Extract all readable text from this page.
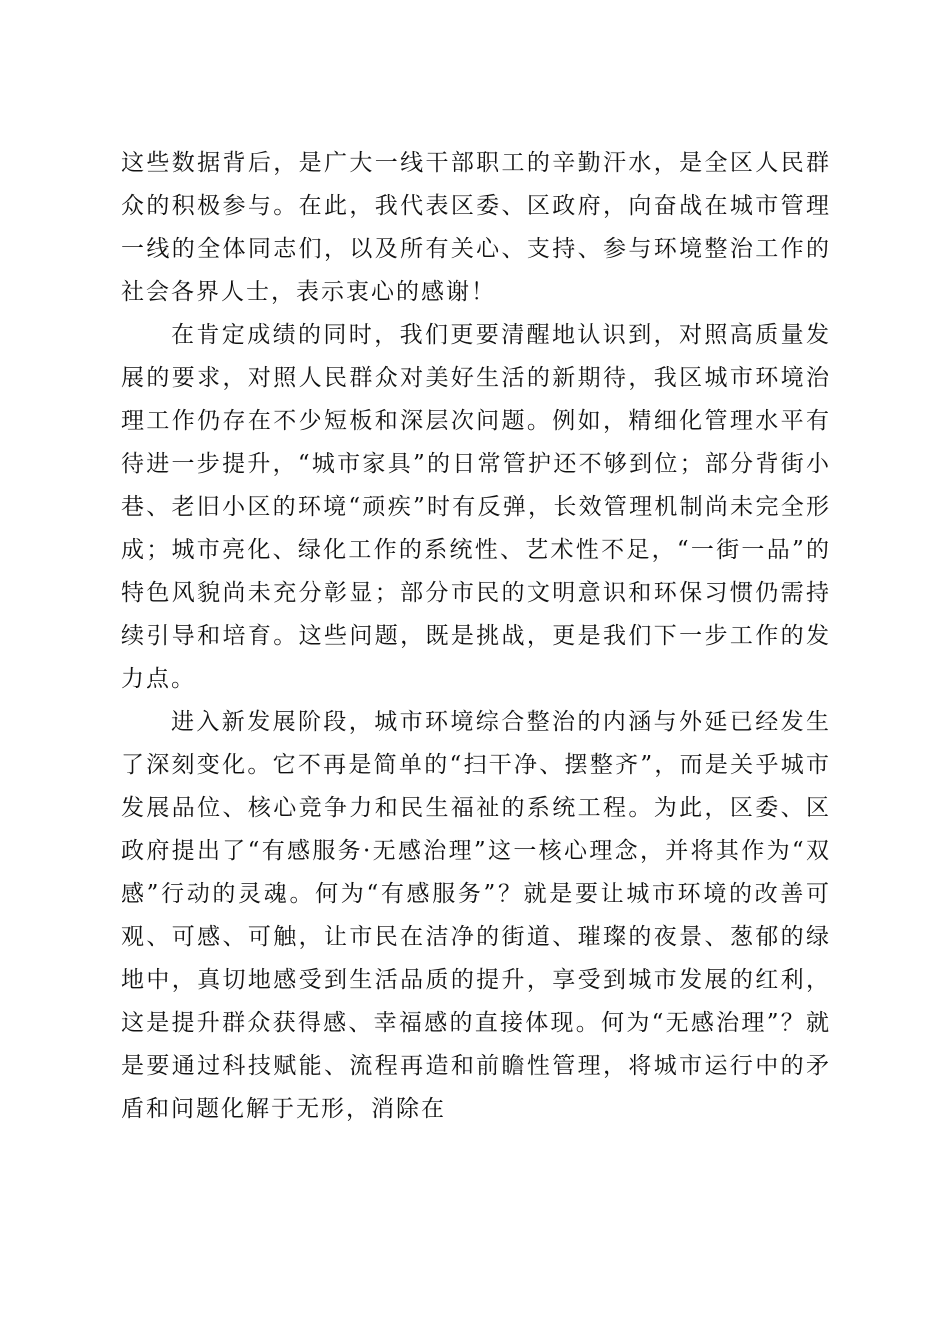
这些数据背后，是广大一线干部职工的辛勤汗水，是全区人民群众的积极参与。在此，我代表区委、区政府，向奋战在城市管理一线的全体同志们，以及所有关心、支持、参与环境整治工作的社会各界人士，表示衷心的感谢！

在肯定成绩的同时，我们更要清醒地认识到，对照高质量发展的要求，对照人民群众对美好生活的新期待，我区城市环境治理工作仍存在不少短板和深层次问题。例如，精细化管理水平有待进一步提升，“城市家具”的日常管护还不够到位；部分背街小巷、老旧小区的环境“顽疾”时有反弹，长效管理机制尚未完全形成；城市亮化、绿化工作的系统性、艺术性不足，“一街一品”的特色风貌尚未充分彰显；部分市民的文明意识和环保习惯仍需持续引导和培育。这些问题，既是挑战，更是我们下一步工作的发力点。

进入新发展阶段，城市环境综合整治的内涵与外延已经发生了深刻变化。它不再是简单的“扫干净、摆整齐”，而是关乎城市发展品位、核心竞争力和民生福祉的系统工程。为此，区委、区政府提出了“有感服务·无感治理”这一核心理念，并将其作为“双感”行动的灵魂。何为“有感服务”？就是要让城市环境的改善可观、可感、可触，让市民在洁净的街道、璀璨的夜景、葱郁的绿地中，真切地感受到生活品质的提升，享受到城市发展的红利，这是提升群众获得感、幸福感的直接体现。何为“无感治理”？就是要通过科技赋能、流程再造和前瞻性管理，将城市运行中的矛盾和问题化解于无形，消除在
